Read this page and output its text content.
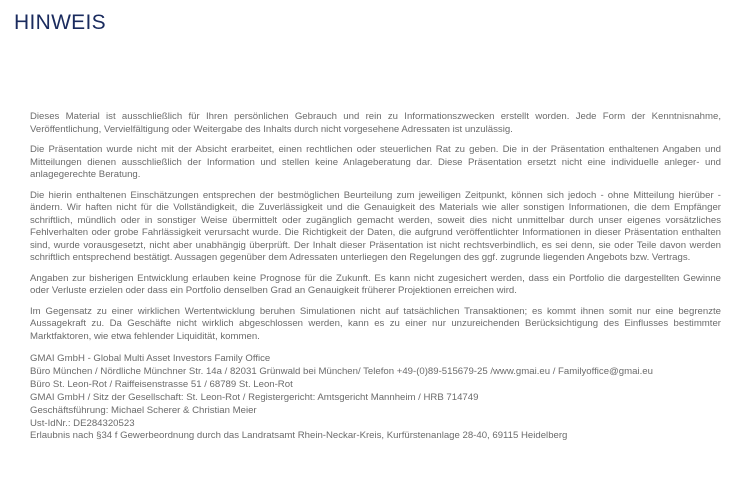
HINWEIS

Dieses Material ist ausschließlich für Ihren persönlichen Gebrauch und rein zu Informationszwecken erstellt worden. Jede Form der Kenntnisnahme, Veröffentlichung, Vervielfältigung oder Weitergabe des Inhalts durch nicht vorgesehene Adressaten ist unzulässig.

Die Präsentation wurde nicht mit der Absicht erarbeitet, einen rechtlichen oder steuerlichen Rat zu geben. Die in der Präsentation enthaltenen Angaben und Mitteilungen dienen ausschließlich der Information und stellen keine Anlageberatung dar. Diese Präsentation ersetzt nicht eine individuelle anleger- und anlagegerechte Beratung.

Die hierin enthaltenen Einschätzungen entsprechen der bestmöglichen Beurteilung zum jeweiligen Zeitpunkt, können sich jedoch - ohne Mitteilung hierüber - ändern. Wir haften nicht für die Vollständigkeit, die Zuverlässigkeit und die Genauigkeit des Materials wie aller sonstigen Informationen, die dem Empfänger schriftlich, mündlich oder in sonstiger Weise übermittelt oder zugänglich gemacht werden, soweit dies nicht unmittelbar durch unser eigenes vorsätzliches Fehlverhalten oder grobe Fahrlässigkeit verursacht wurde. Die Richtigkeit der Daten, die aufgrund veröffentlichter Informationen in dieser Präsentation enthalten sind, wurde vorausgesetzt, nicht aber unabhängig überprüft. Der Inhalt dieser Präsentation ist nicht rechtsverbindlich, es sei denn, sie oder Teile davon werden schriftlich entsprechend bestätigt. Aussagen gegenüber dem Adressaten unterliegen den Regelungen des ggf. zugrunde liegenden Angebots bzw. Vertrags.

Angaben zur bisherigen Entwicklung erlauben keine Prognose für die Zukunft. Es kann nicht zugesichert werden, dass ein Portfolio die dargestellten Gewinne oder Verluste erzielen oder dass ein Portfolio denselben Grad an Genauigkeit früherer Projektionen erreichen wird.

Im Gegensatz zu einer wirklichen Wertentwicklung beruhen Simulationen nicht auf tatsächlichen Transaktionen; es kommt ihnen somit nur eine begrenzte Aussagekraft zu. Da Geschäfte nicht wirklich abgeschlossen werden, kann es zu einer nur unzureichenden Berücksichtigung des Einflusses bestimmter Marktfaktoren, wie etwa fehlender Liquidität, kommen.

GMAI GmbH - Global Multi Asset Investors Family Office
Büro München / Nördliche Münchner Str. 14a / 82031 Grünwald bei München/ Telefon +49-(0)89-515679-25 /www.gmai.eu / Familyoffice@gmai.eu
Büro St. Leon-Rot / Raiffeisenstrasse 51 / 68789 St. Leon-Rot
GMAI GmbH / Sitz der Gesellschaft: St. Leon-Rot / Registergericht: Amtsgericht Mannheim / HRB 714749
Geschäftsführung: Michael Scherer & Christian Meier
Ust-IdNr.: DE284320523
Erlaubnis nach §34 f Gewerbeordnung durch das Landratsamt Rhein-Neckar-Kreis, Kurfürstenanlage 28-40, 69115 Heidelberg
